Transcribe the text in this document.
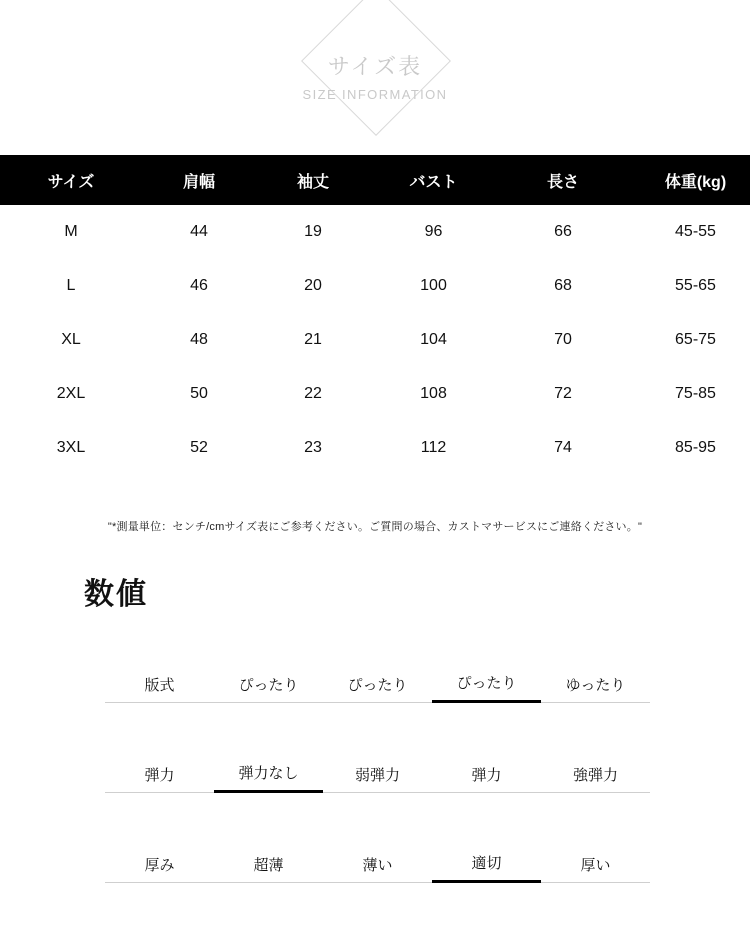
サイズ表
SIZE INFORMATION
サイズ	肩幅	袖丈	バスト	長さ	体重(kg)
M	44	19	96	66	45-55
L	46	20	100	68	55-65
XL	48	21	104	70	65-75
2XL	50	22	108	72	75-85
3XL	52	23	112	74	85-95
"*測量単位：センチ/cmサイズ表にご参考ください。ご質問の場合、カストマサービスにご連絡ください。"
数値
版式	ぴったり	ぴったり	ぴったり	ゆったり
弾力	弾力なし	弱弾力	弾力	強弾力
厚み	超薄	薄い	適切	厚い
